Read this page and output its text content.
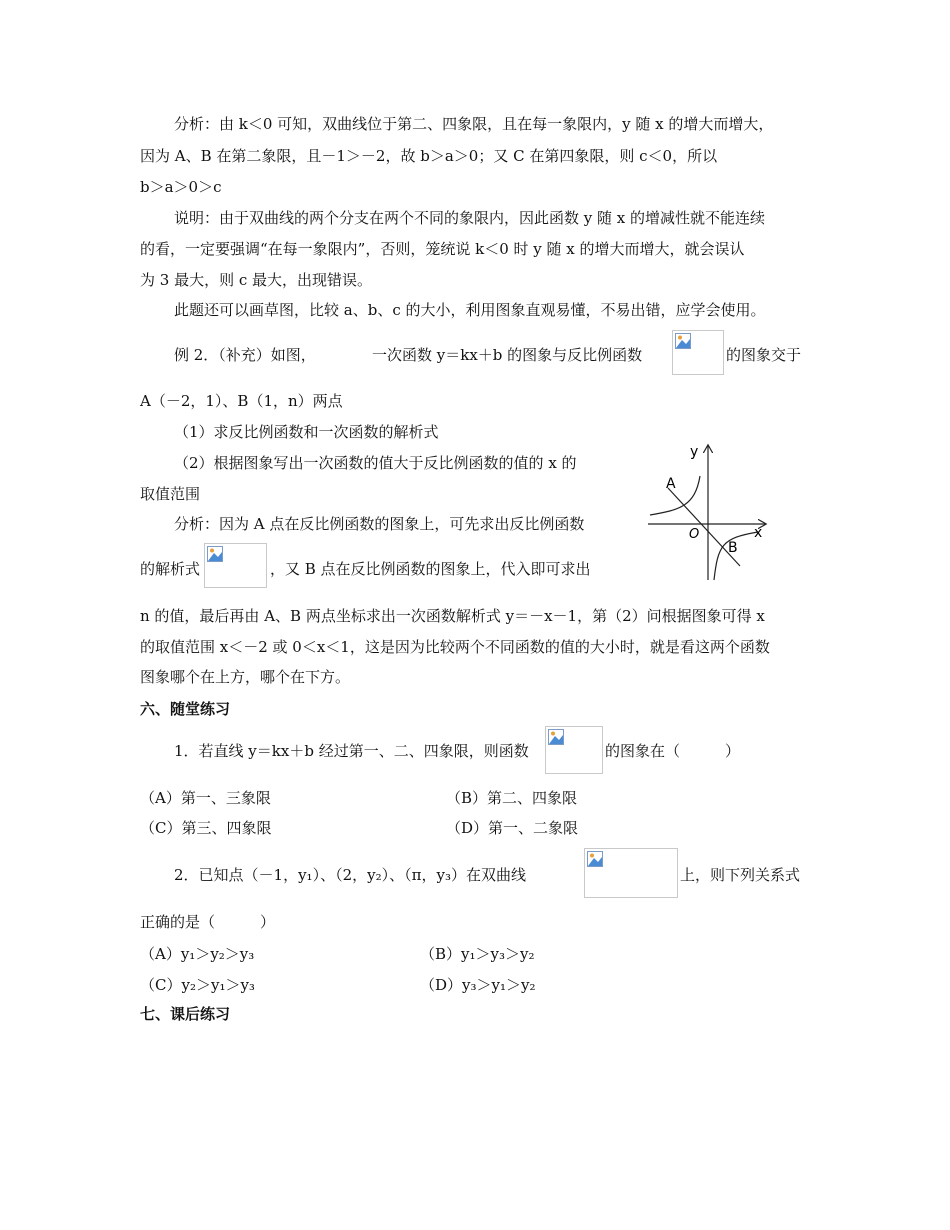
分析：由 k＜0 可知，双曲线位于第二、四象限，且在每一象限内，y 随 x 的增大而增大，
因为 A、B 在第二象限，且－1＞－2，故 b＞a＞0；又 C 在第四象限，则 c＜0，所以
b＞a＞0＞c
说明：由于双曲线的两个分支在两个不同的象限内，因此函数 y 随 x 的增减性就不能连续
的看，一定要强调“在每一象限内”，否则，笼统说 k＜0 时 y 随 x 的增大而增大，就会误认
为 3 最大，则 c 最大，出现错误。
此题还可以画草图，比较 a、b、c 的大小，利用图象直观易懂，不易出错，应学会使用。
例 2．（补充）如图，	一次函数 y＝kx＋b 的图象与反比例函数	的图象交于
A（－2，1）、B（1，n）两点
（1）求反比例函数和一次函数的解析式
（2）根据图象写出一次函数的值大于反比例函数的值的 x 的
取值范围
分析：因为 A 点在反比例函数的图象上，可先求出反比例函数
的解析式	，又 B 点在反比例函数的图象上，代入即可求出
n 的值，最后再由 A、B 两点坐标求出一次函数解析式 y＝－x－1，第（2）问根据图象可得 x
的取值范围 x＜－2 或 0＜x＜1，这是因为比较两个不同函数的值的大小时，就是看这两个函数
图象哪个在上方，哪个在下方。
y
x
O
A
B
六、随堂练习
1．若直线 y＝kx＋b 经过第一、二、四象限，则函数	的图象在（　　　）
（A）第一、三象限	（B）第二、四象限
（C）第三、四象限	（D）第一、二象限
2．已知点（－1，y₁）、（2，y₂）、（π，y₃）在双曲线	上，则下列关系式
正确的是（　　　）
（A）y₁＞y₂＞y₃	（B）y₁＞y₃＞y₂
（C）y₂＞y₁＞y₃	（D）y₃＞y₁＞y₂
七、课后练习
